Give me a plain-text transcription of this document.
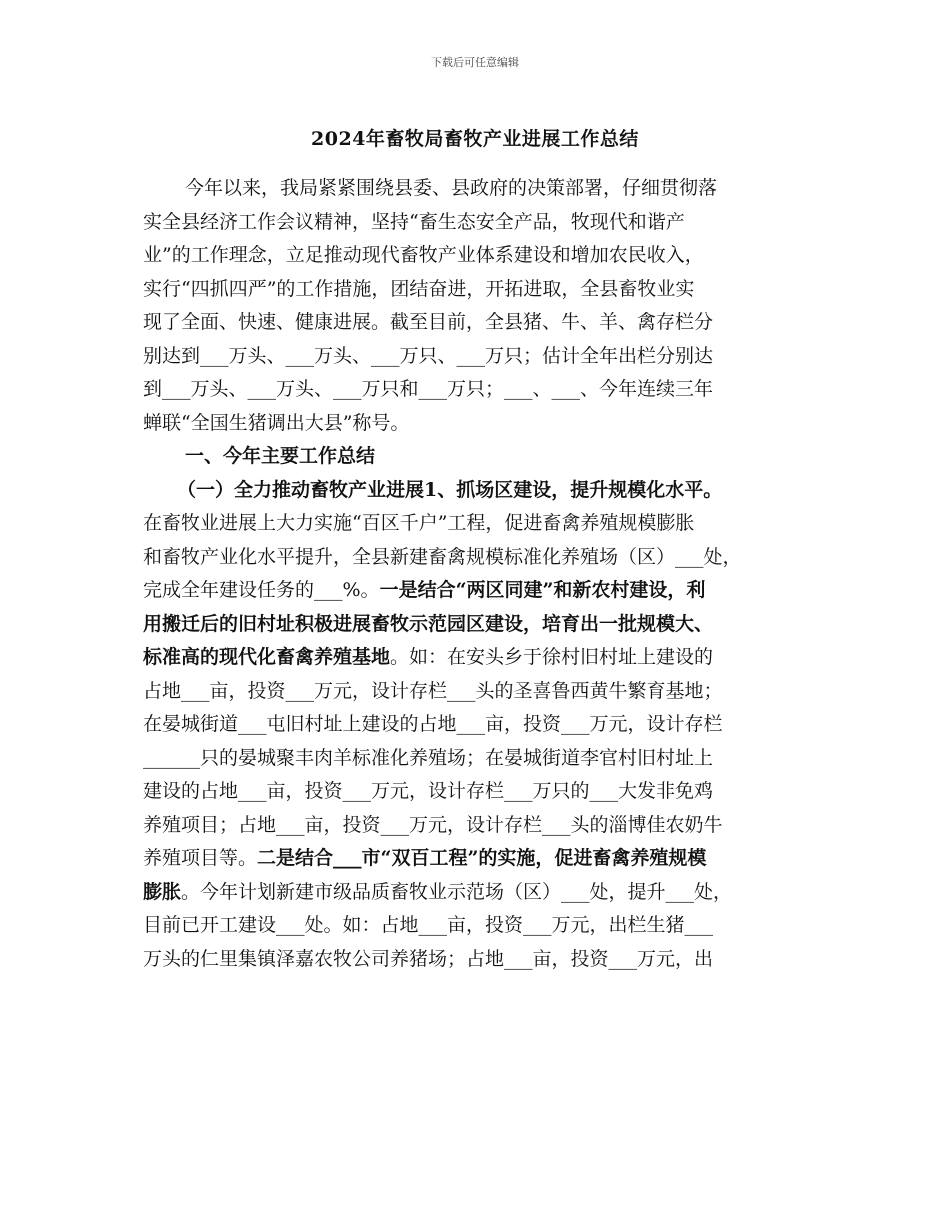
下载后可任意编辑
2024年畜牧局畜牧产业进展工作总结
今年以来，我局紧紧围绕县委、县政府的决策部署，仔细贯彻落
实全县经济工作会议精神，坚持“畜生态安全产品，牧现代和谐产
业”的工作理念，立足推动现代畜牧产业体系建设和增加农民收入，
实行“四抓四严”的工作措施，团结奋进，开拓进取，全县畜牧业实
现了全面、快速、健康进展。截至目前，全县猪、牛、羊、禽存栏分
别达到___万头、___万头、___万只、___万只；估计全年出栏分别达
到___万头、___万头、___万只和___万只；___、___、今年连续三年
蝉联“全国生猪调出大县”称号。
一、今年主要工作总结
（一）全力推动畜牧产业进展1、抓场区建设，提升规模化水平。
在畜牧业进展上大力实施“百区千户”工程，促进畜禽养殖规模膨胀
和畜牧产业化水平提升，全县新建畜禽规模标准化养殖场（区）___处，
完成全年建设任务的___%。一是结合“两区同建”和新农村建设，利
用搬迁后的旧村址积极进展畜牧示范园区建设，培育出一批规模大、
标准高的现代化畜禽养殖基地。如：在安头乡于徐村旧村址上建设的
占地___亩，投资___万元，设计存栏___头的圣喜鲁西黄牛繁育基地；
在晏城街道___屯旧村址上建设的占地___亩，投资___万元，设计存栏
______只的晏城聚丰肉羊标准化养殖场；在晏城街道李官村旧村址上
建设的占地___亩，投资___万元，设计存栏___万只的___大发非免鸡
养殖项目；占地___亩，投资___万元，设计存栏___头的淄博佳农奶牛
养殖项目等。二是结合___市“双百工程”的实施，促进畜禽养殖规模
膨胀。今年计划新建市级品质畜牧业示范场（区）___处，提升___处，
目前已开工建设___处。如：占地___亩，投资___万元，出栏生猪___
万头的仁里集镇泽嘉农牧公司养猪场；占地___亩，投资___万元，出
